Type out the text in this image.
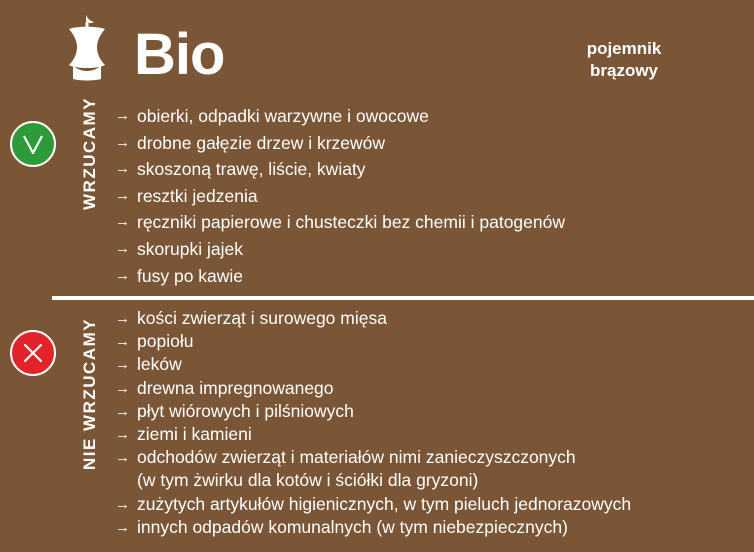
Bio	pojemnik
brązowy
WRZUCAMY → obierki, odpadki warzywne i owocowe
→ drobne gałęzie drzew i krzewów
→ skoszoną trawę, liście, kwiaty
→ resztki jedzenia
→ ręczniki papierowe i chusteczki bez chemii i patogenów
→ skorupki jajek
→ fusy po kawie
NIE WRZUCAMY → kości zwierząt i surowego mięsa
→ popiołu
→ leków
→ drewna impregnowanego
→ płyt wiórowych i pilśniowych
→ ziemi i kamieni
→ odchodów zwierząt i materiałów nimi zanieczyszczonych
(w tym żwirku dla kotów i ściółki dla gryzoni)
→ zużytych artykułów higienicznych, w tym pieluch jednorazowych
→ innych odpadów komunalnych (w tym niebezpiecznych)
